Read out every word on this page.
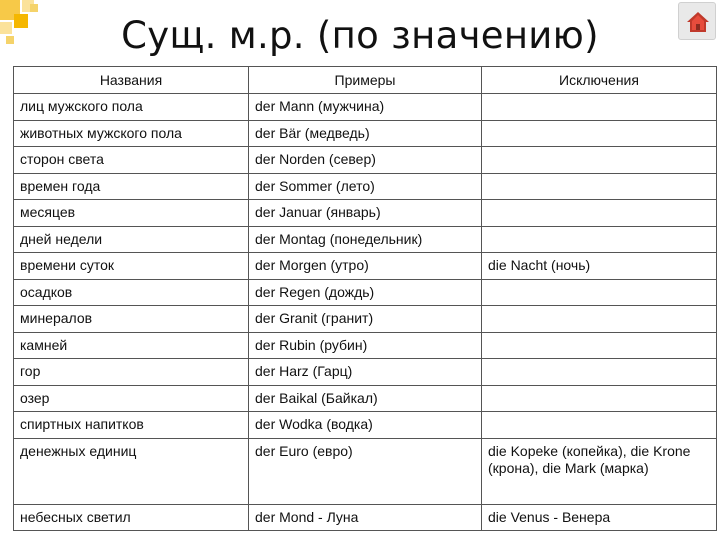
Сущ. м.р. (по значению)
Названия	Примеры	Исключения
лиц мужского пола	der Mann (мужчина)	
животных мужского пола	der Bär (медведь)	
сторон света	der Norden (север)	
времен года	der Sommer (лето)	
месяцев	der Januar (январь)	
дней недели	der Montag (понедельник)	
времени суток	der Morgen (утро)	die Nacht (ночь)
осадков	der Regen (дождь)	
минералов	der Granit (гранит)	
камней	der Rubin (рубин)	
гор	der Harz (Гарц)	
озер	der Baikal (Байкал)	
спиртных напитков	der Wodka (водка)	
денежных единиц	der Euro (евро)	die Kopeke (копейка), die Krone (крона), die Mark (марка)
небесных светил	der Mond - Луна	die Venus - Венера
